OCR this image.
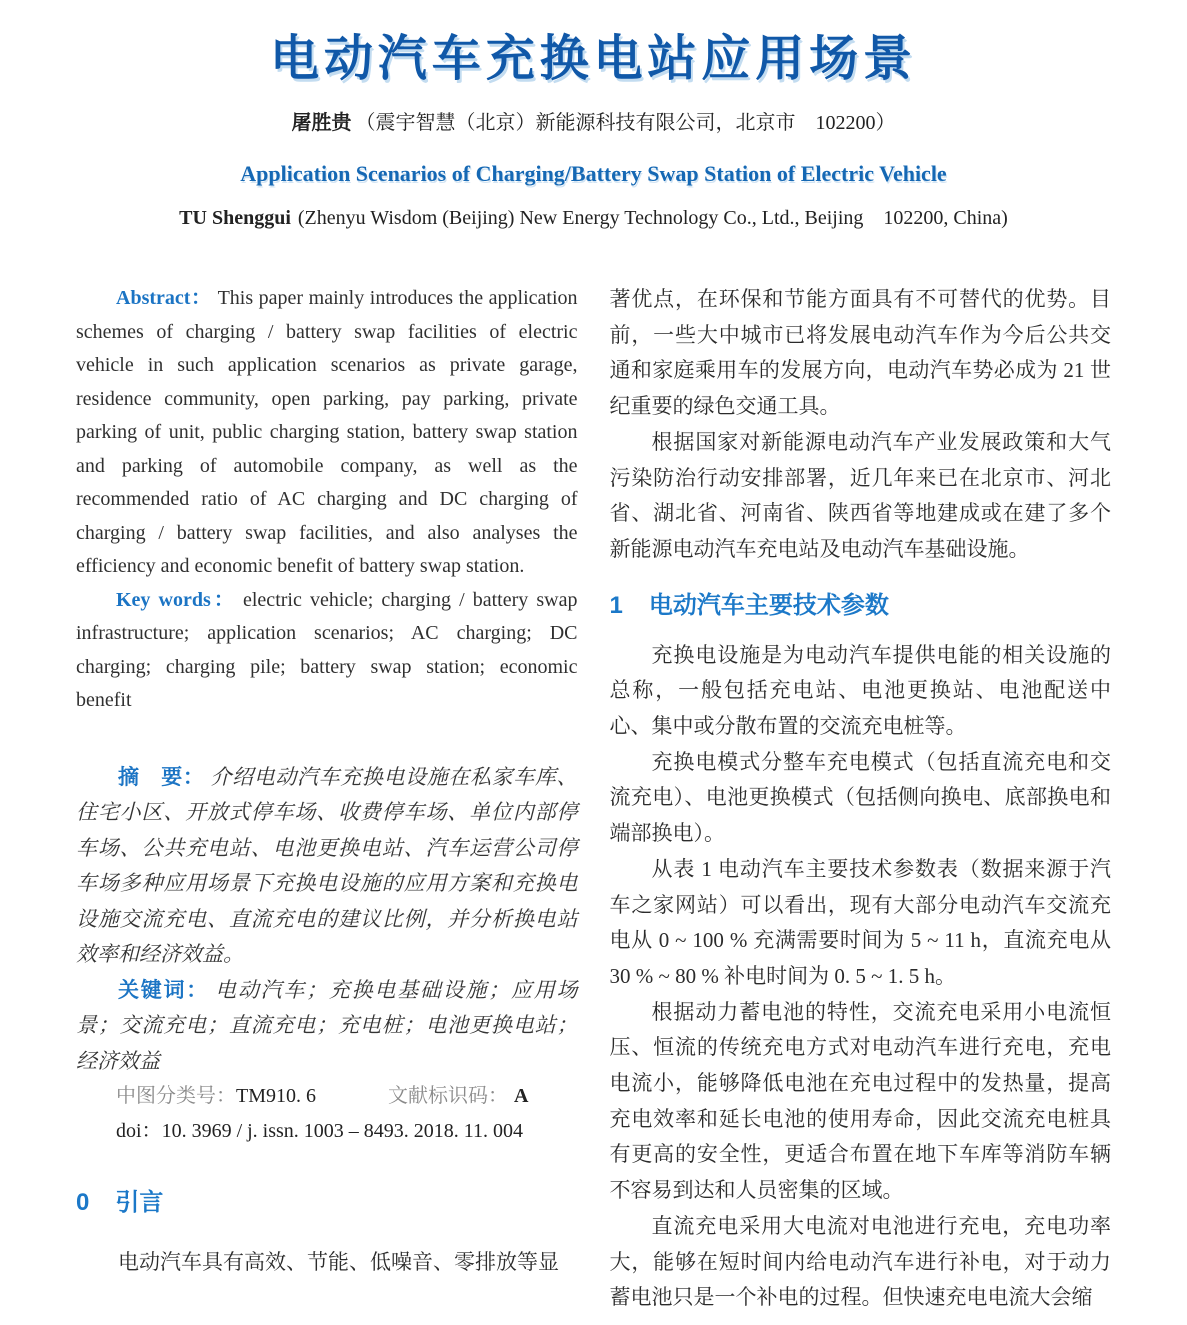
电动汽车充换电站应用场景

屠胜贵 （震宇智慧（北京）新能源科技有限公司，北京市　102200）

Application Scenarios of Charging/Battery Swap Station of Electric Vehicle

TU Shenggui (Zhenyu Wisdom (Beijing) New Energy Technology Co., Ltd., Beijing　102200, China)

Abstract： This paper mainly introduces the application schemes of charging / battery swap facilities of electric vehicle in such application scenarios as private garage, residence community, open parking, pay parking, private parking of unit, public charging station, battery swap station and parking of automobile company, as well as the recommended ratio of AC charging and DC charging of charging / battery swap facilities, and also analyses the efficiency and economic benefit of battery swap station.

Key words： electric vehicle; charging / battery swap infrastructure; application scenarios; AC charging; DC charging; charging pile; battery swap station; economic benefit

摘　要： 介绍电动汽车充换电设施在私家车库、住宅小区、开放式停车场、收费停车场、单位内部停车场、公共充电站、电池更换电站、汽车运营公司停车场多种应用场景下充换电设施的应用方案和充换电设施交流充电、直流充电的建议比例，并分析换电站效率和经济效益。

关键词： 电动汽车；充换电基础设施；应用场景；交流充电；直流充电；充电桩；电池更换电站；经济效益

中图分类号：TM910. 6	文献标识码： A

doi：10. 3969 / j. issn. 1003 – 8493. 2018. 11. 004

0 引言

电动汽车具有高效、节能、低噪音、零排放等显

著优点，在环保和节能方面具有不可替代的优势。目前，一些大中城市已将发展电动汽车作为今后公共交通和家庭乘用车的发展方向，电动汽车势必成为 21 世纪重要的绿色交通工具。

根据国家对新能源电动汽车产业发展政策和大气污染防治行动安排部署，近几年来已在北京市、河北省、湖北省、河南省、陕西省等地建成或在建了多个新能源电动汽车充电站及电动汽车基础设施。

1 电动汽车主要技术参数

充换电设施是为电动汽车提供电能的相关设施的总称，一般包括充电站、电池更换站、电池配送中心、集中或分散布置的交流充电桩等。

充换电模式分整车充电模式（包括直流充电和交流充电）、电池更换模式（包括侧向换电、底部换电和端部换电）。

从表 1 电动汽车主要技术参数表（数据来源于汽车之家网站）可以看出，现有大部分电动汽车交流充电从 0 ~ 100 % 充满需要时间为 5 ~ 11 h，直流充电从 30 % ~ 80 % 补电时间为 0. 5 ~ 1. 5 h。

根据动力蓄电池的特性，交流充电采用小电流恒压、恒流的传统充电方式对电动汽车进行充电，充电电流小，能够降低电池在充电过程中的发热量，提高充电效率和延长电池的使用寿命，因此交流充电桩具有更高的安全性，更适合布置在地下车库等消防车辆不容易到达和人员密集的区域。

直流充电采用大电流对电池进行充电，充电功率大，能够在短时间内给电动汽车进行补电，对于动力蓄电池只是一个补电的过程。但快速充电电流大会缩
